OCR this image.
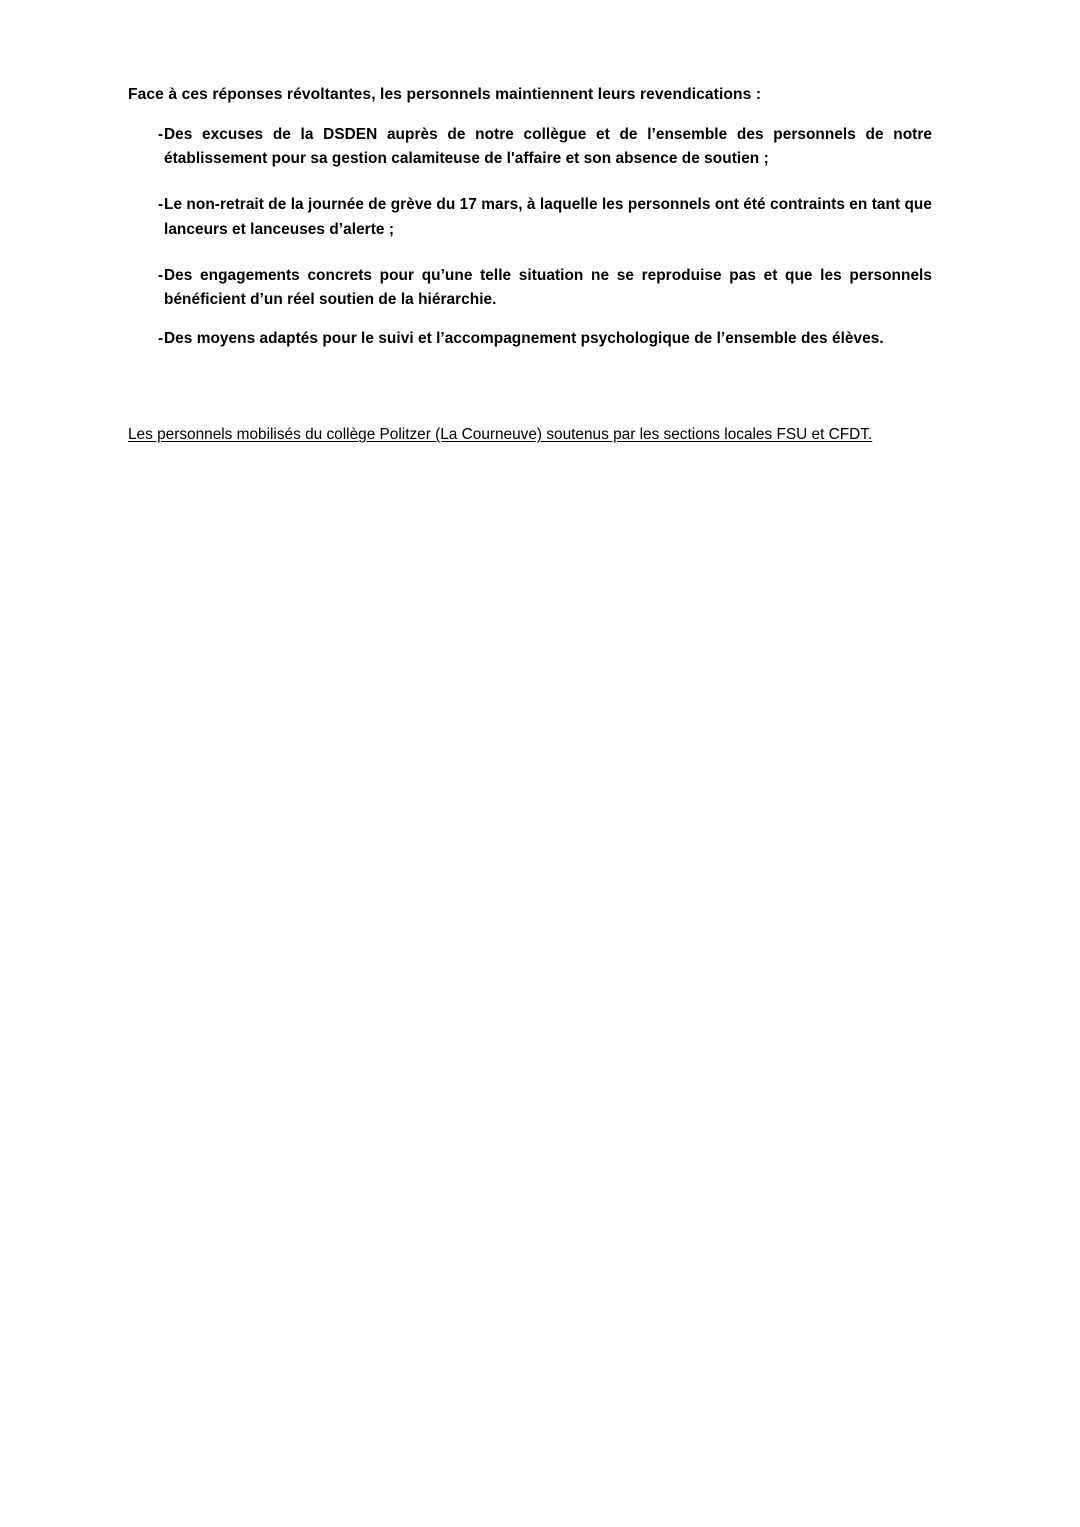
Face à ces réponses révoltantes, les personnels maintiennent leurs revendications :

- Des excuses de la DSDEN auprès de notre collègue et de l’ensemble des personnels de notre établissement pour sa gestion calamiteuse de l'affaire et son absence de soutien ;
- Le non-retrait de la journée de grève du 17 mars, à laquelle les personnels ont été contraints en tant que lanceurs et lanceuses d’alerte ;
- Des engagements concrets pour qu’une telle situation ne se reproduise pas et que les personnels bénéficient d’un réel soutien de la hiérarchie.
- Des moyens adaptés pour le suivi et l’accompagnement psychologique de l’ensemble des élèves.

Les personnels mobilisés du collège Politzer (La Courneuve) soutenus par les sections locales FSU et CFDT.
